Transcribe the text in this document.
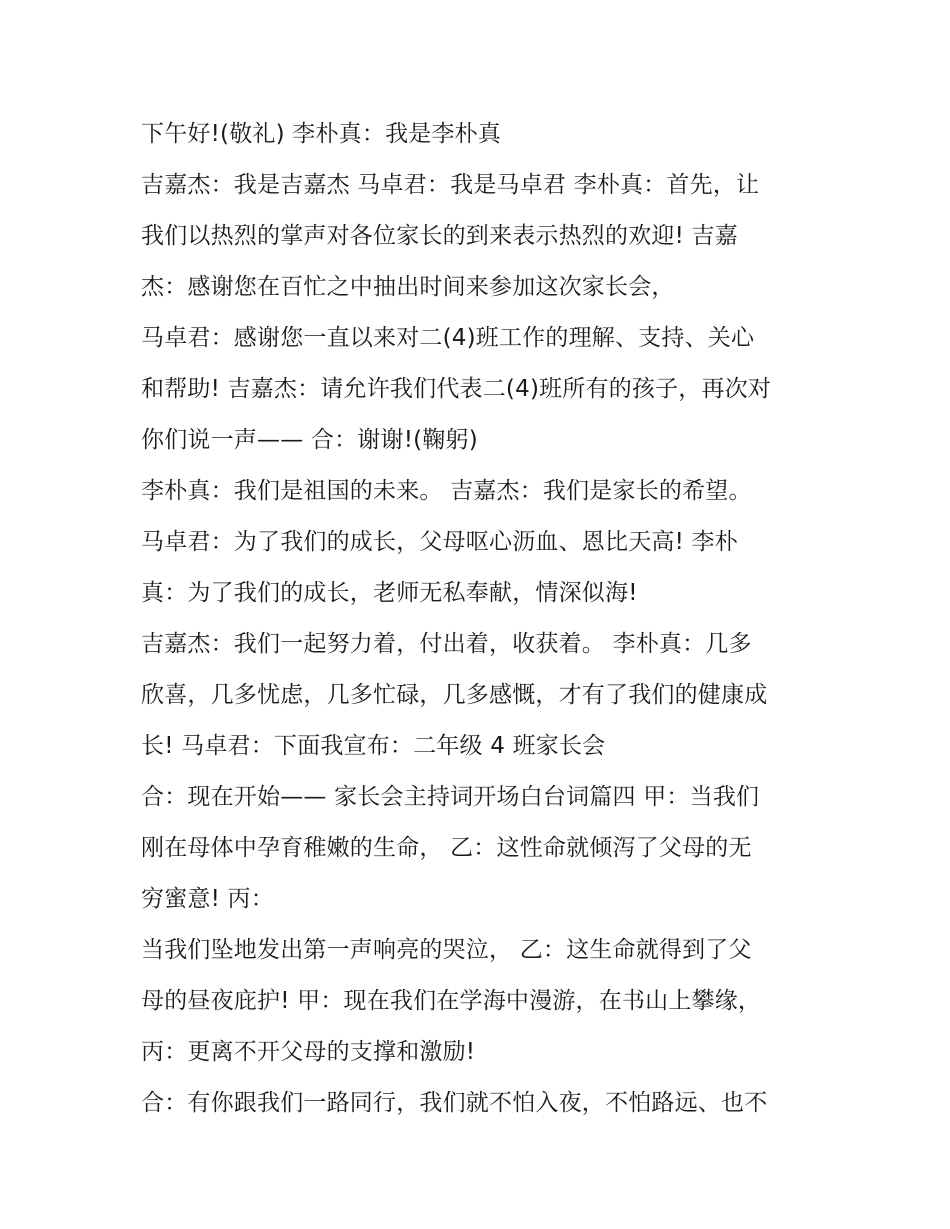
下午好!(敬礼) 李朴真：我是李朴真
吉嘉杰：我是吉嘉杰 马卓君：我是马卓君 李朴真：首先，让
我们以热烈的掌声对各位家长的到来表示热烈的欢迎! 吉嘉
杰：感谢您在百忙之中抽出时间来参加这次家长会，
马卓君：感谢您一直以来对二(4)班工作的理解、支持、关心
和帮助! 吉嘉杰：请允许我们代表二(4)班所有的孩子，再次对
你们说一声—— 合：谢谢!(鞠躬)
李朴真：我们是祖国的未来。 吉嘉杰：我们是家长的希望。
马卓君：为了我们的成长，父母呕心沥血、恩比天高! 李朴
真：为了我们的成长，老师无私奉献，情深似海!
吉嘉杰：我们一起努力着，付出着，收获着。 李朴真：几多
欣喜，几多忧虑，几多忙碌，几多感慨，才有了我们的健康成
长! 马卓君：下面我宣布：二年级 4 班家长会
合：现在开始—— 家长会主持词开场白台词篇四 甲：当我们
刚在母体中孕育稚嫩的生命， 乙：这性命就倾泻了父母的无
穷蜜意! 丙：
当我们坠地发出第一声响亮的哭泣， 乙：这生命就得到了父
母的昼夜庇护! 甲：现在我们在学海中漫游，在书山上攀缘，
丙：更离不开父母的支撑和激励!
合：有你跟我们一路同行，我们就不怕入夜，不怕路远、也不
